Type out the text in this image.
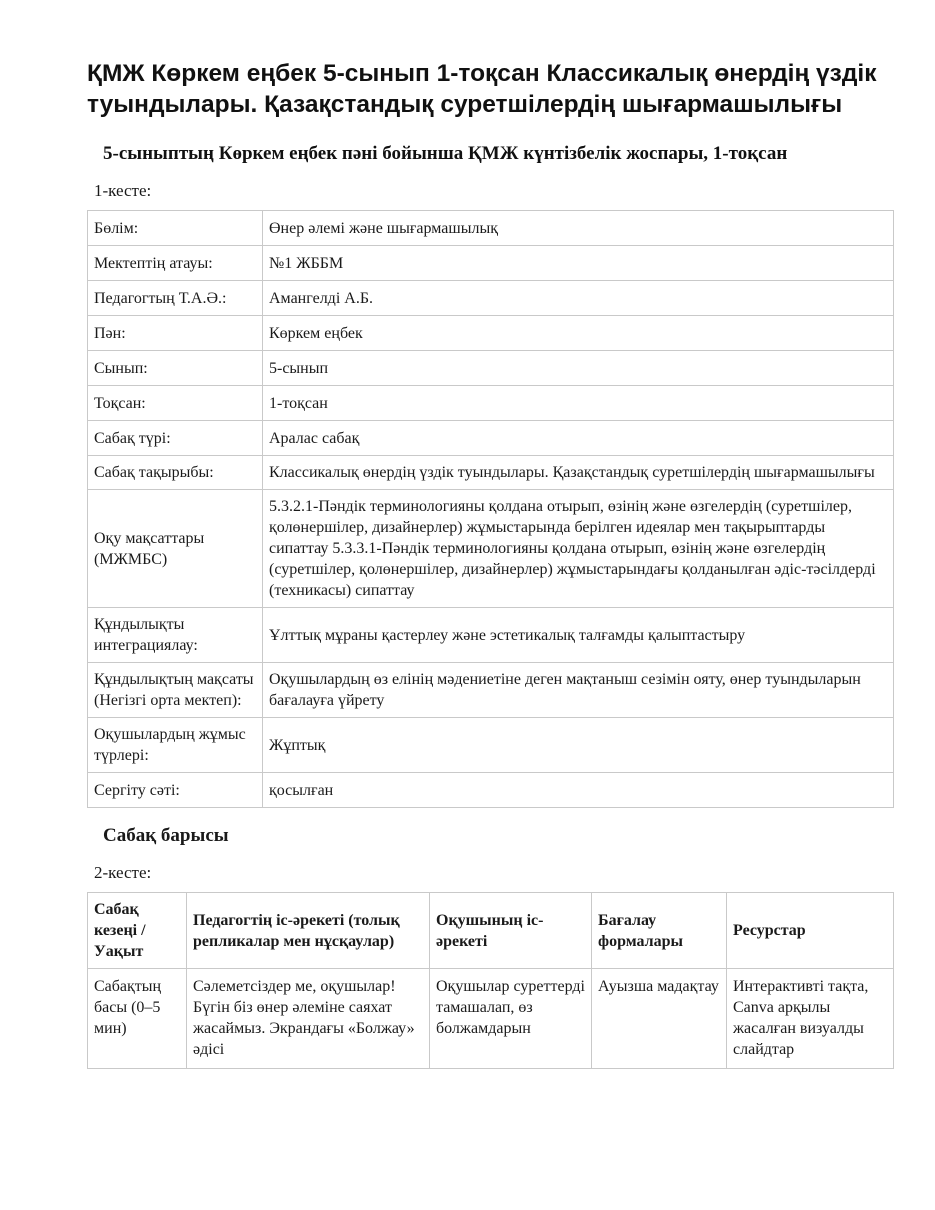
ҚМЖ Көркем еңбек 5-сынып 1-тоқсан Классикалық өнердің үздік туындылары. Қазақстандық суретшілердің шығармашылығы
5-сыныптың Көркем еңбек пәні бойынша ҚМЖ күнтізбелік жоспары, 1-тоқсан
1-кесте:
Бөлім:	Өнер әлемі және шығармашылық
Мектептің атауы:	№1 ЖББМ
Педагогтың Т.А.Ә.:	Амангелді А.Б.
Пән:	Көркем еңбек
Сынып:	5-сынып
Тоқсан:	1-тоқсан
Сабақ түрі:	Аралас сабақ
Сабақ тақырыбы:	Классикалық өнердің үздік туындылары. Қазақстандық суретшілердің шығармашылығы
Оқу мақсаттары (МЖМБС)	5.3.2.1-Пәндік терминологияны қолдана отырып, өзінің және өзгелердің (суретшілер, қолөнершілер, дизайнерлер) жұмыстарында берілген идеялар мен тақырыптарды сипаттау 5.3.3.1-Пәндік терминологияны қолдана отырып, өзінің және өзгелердің (суретшілер, қолөнершілер, дизайнерлер) жұмыстарындағы қолданылған әдіс-тәсілдерді (техникасы) сипаттау
Құндылықты интеграциялау:	Ұлттық мұраны қастерлеу және эстетикалық талғамды қалыптастыру
Құндылықтың мақсаты (Негізгі орта мектеп):	Оқушылардың өз елінің мәдениетіне деген мақтаныш сезімін ояту, өнер туындыларын бағалауға үйрету
Оқушылардың жұмыс түрлері:	Жұптық
Сергіту сәті:	қосылған
Сабақ барысы
2-кесте:
Сабақ кезеңі / Уақыт	Педагогтің іс-әрекеті (толық репликалар мен нұсқаулар)	Оқушының іс-әрекеті	Бағалау формалары	Ресурстар
Сабақтың басы (0–5 мин)	Сәлеметсіздер ме, оқушылар! Бүгін біз өнер әлеміне саяхат жасаймыз. Экрандағы «Болжау» әдісі	Оқушылар суреттерді тамашалап, өз болжамдарын	Ауызша мадақтау	Интерактивті тақта, Canva арқылы жасалған визуалды слайдтар
